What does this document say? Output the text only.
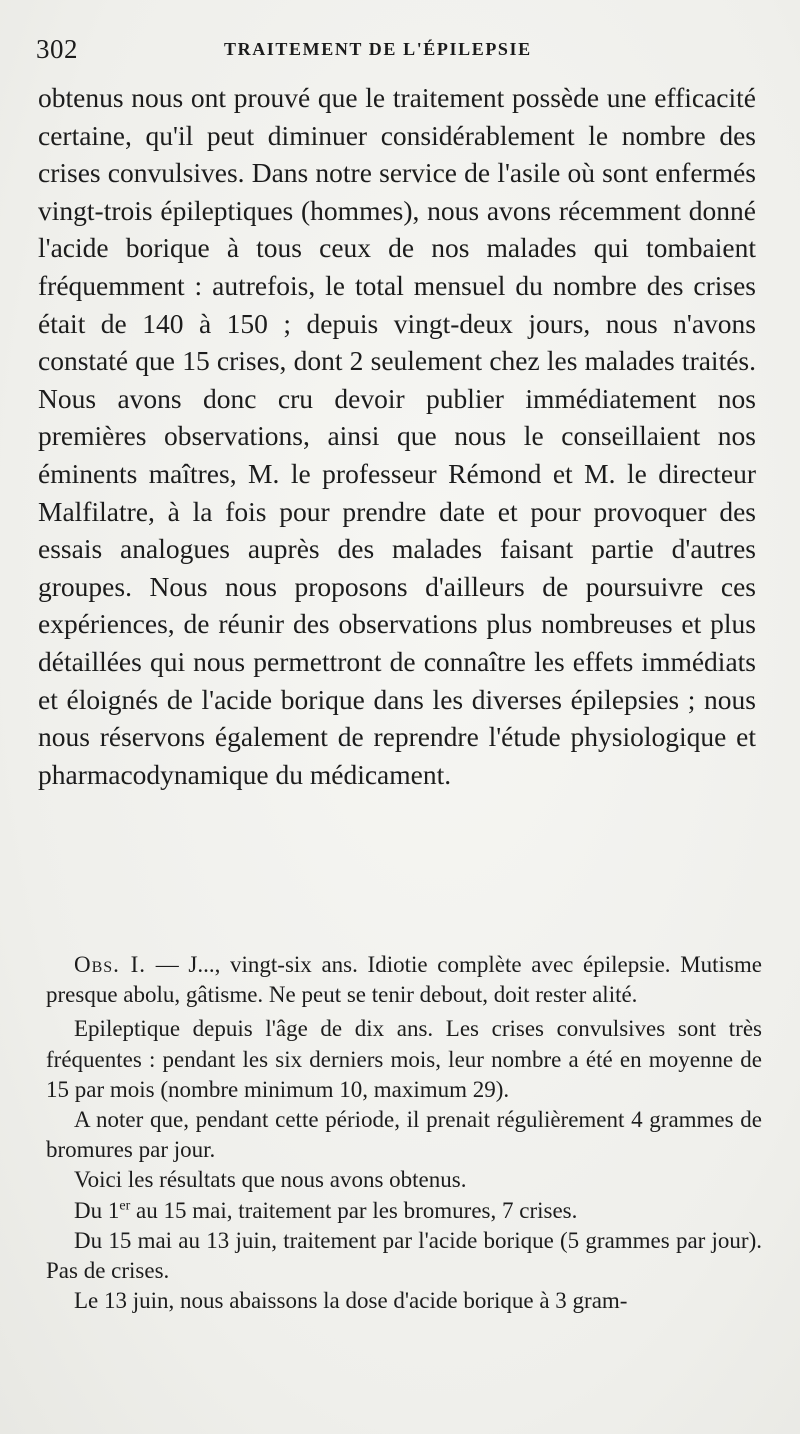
302	TRAITEMENT DE L'ÉPILEPSIE

obtenus nous ont prouvé que le traitement possède une efficacité certaine, qu'il peut diminuer considérablement le nombre des crises convulsives. Dans notre service de l'asile où sont enfermés vingt-trois épileptiques (hommes), nous avons récemment donné l'acide borique à tous ceux de nos malades qui tombaient fréquemment : autrefois, le total mensuel du nombre des crises était de 140 à 150 ; depuis vingt-deux jours, nous n'avons constaté que 15 crises, dont 2 seulement chez les malades traités. Nous avons donc cru devoir publier immédiatement nos premières observations, ainsi que nous le conseillaient nos éminents maîtres, M. le professeur Rémond et M. le directeur Malfilatre, à la fois pour prendre date et pour provoquer des essais analogues auprès des malades faisant partie d'autres groupes. Nous nous proposons d'ailleurs de poursuivre ces expériences, de réunir des observations plus nombreuses et plus détaillées qui nous permettront de connaître les effets immédiats et éloignés de l'acide borique dans les diverses épilepsies ; nous nous réservons également de reprendre l'étude physiologique et pharmacodynamique du médicament.

Obs. I. — J..., vingt-six ans. Idiotie complète avec épilepsie. Mutisme presque abolu, gâtisme. Ne peut se tenir debout, doit rester alité.

Epileptique depuis l'âge de dix ans. Les crises convulsives sont très fréquentes : pendant les six derniers mois, leur nombre a été en moyenne de 15 par mois (nombre minimum 10, maximum 29).

A noter que, pendant cette période, il prenait régulièrement 4 grammes de bromures par jour.

Voici les résultats que nous avons obtenus.

Du 1er au 15 mai, traitement par les bromures, 7 crises.

Du 15 mai au 13 juin, traitement par l'acide borique (5 grammes par jour). Pas de crises.

Le 13 juin, nous abaissons la dose d'acide borique à 3 gram-
